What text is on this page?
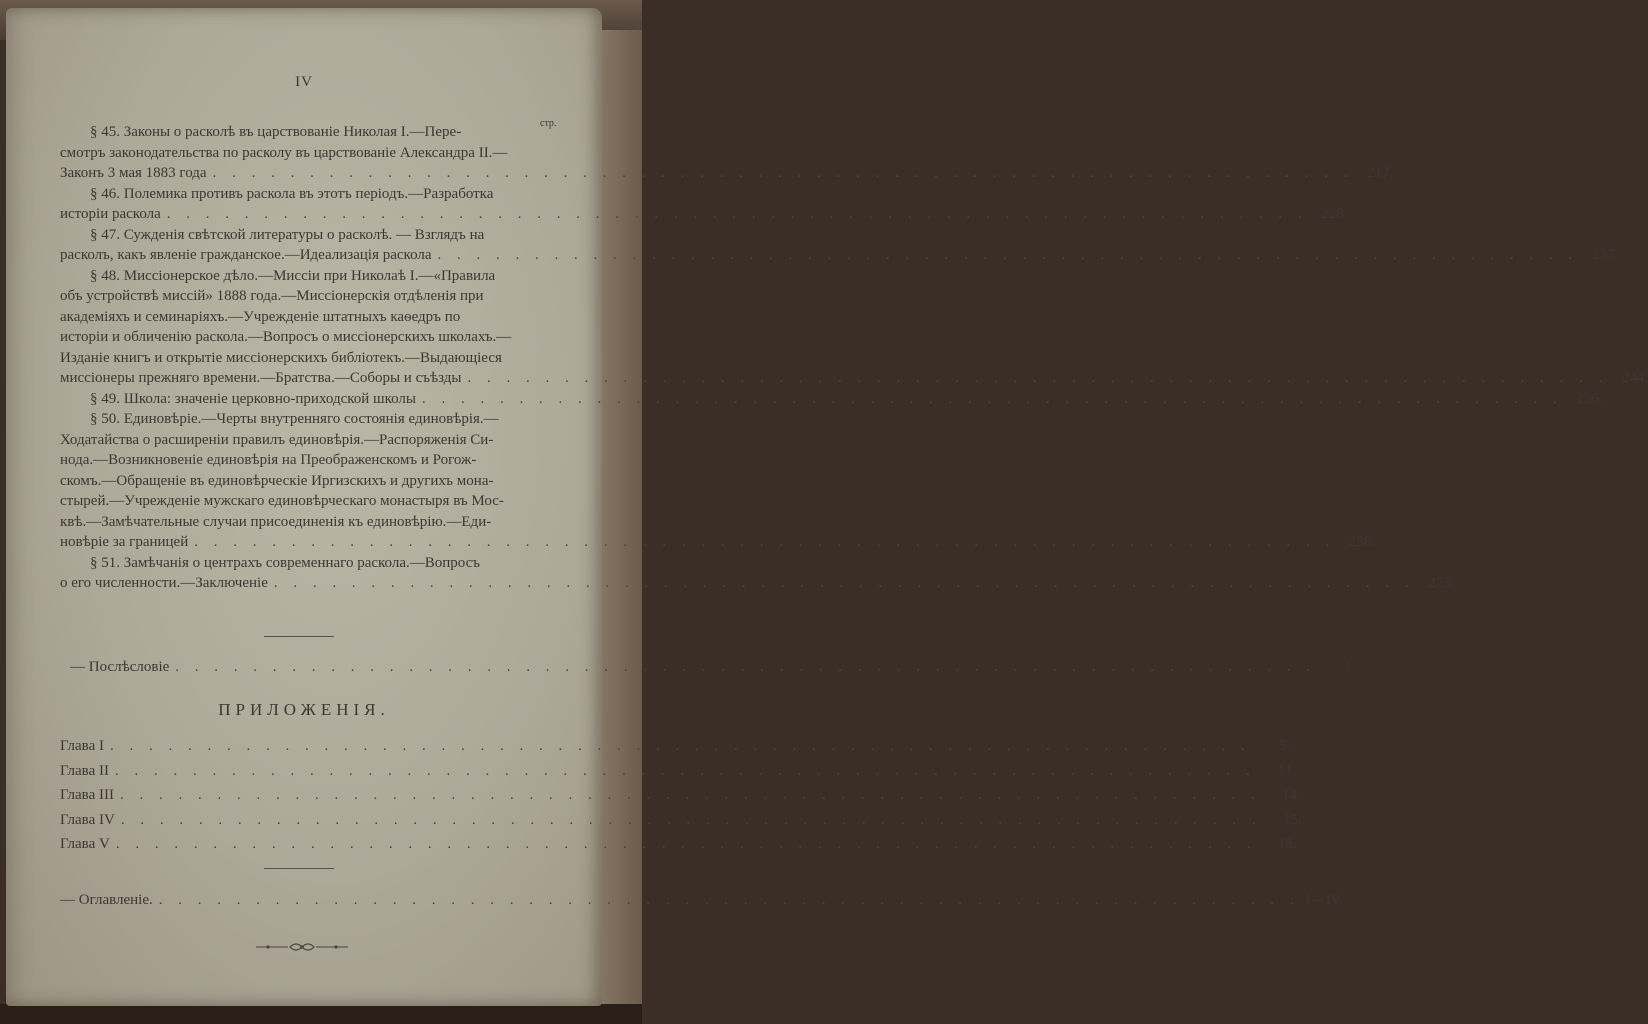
IV
стр.
§ 45. Законы о расколѣ въ царствованіе Николая I.—Пере-
смотръ законодательства по расколу въ царствованіе Александра II.—
Законъ 3 мая 1883 года . . . . . . . . . . . . . . . . . . . . . . . . . . . . . . . . . . . . . . . . . . . . . . . . . . . . . . . . . . . 217.
§ 46. Полемика противъ раскола въ этотъ періодъ.—Разработка
исторіи раскола . . . . . . . . . . . . . . . . . . . . . . . . . . . . . . . . . . . . . . . . . . . . . . . . . . . . . . . . . . . 228.
§ 47. Сужденія свѣтской литературы о расколѣ. — Взглядъ на
расколъ, какъ явленіе гражданское.—Идеализація раскола . . . . . . . . . . . . . . . . . . . . . . . . . . . . . . . . . . . . . . . . . . . . . . . . . . . . . . . . . . . 237.
§ 48. Миссіонерское дѣло.—Миссіи при Николаѣ I.—«Правила
объ устройствѣ миссій» 1888 года.—Миссіонерскія отдѣленія при
академіяхъ и семинаріяхъ.—Учрежденіе штатныхъ каѳедръ по
исторіи и обличенію раскола.—Вопросъ о миссіонерскихъ школахъ.—
Изданіе книгъ и открытіе миссіонерскихъ библіотекъ.—Выдающіеся
миссіонеры прежняго времени.—Братства.—Соборы и съѣзды . . . . . . . . . . . . . . . . . . . . . . . . . . . . . . . . . . . . . . . . . . . . . . . . . . . . . . . . . . . 244.
§ 49. Школа: значеніе церковно-приходской школы . . . . . . . . . . . . . . . . . . . . . . . . . . . . . . . . . . . . . . . . . . . . . . . . . . . . . . . . . . . 256.
§ 50. Единовѣріе.—Черты внутренняго состоянія единовѣрія.—
Ходатайства о расширеніи правилъ единовѣрія.—Распоряженія Си-
нода.—Возникновеніе единовѣрія на Преображенскомъ и Рогож-
скомъ.—Обращеніе въ единовѣрческіе Иргизскихъ и другихъ мона-
стырей.—Учрежденіе мужскаго единовѣрческаго монастыря въ Мос-
квѣ.—Замѣчательные случаи присоединенія къ единовѣрію.—Еди-
новѣріе за границей . . . . . . . . . . . . . . . . . . . . . . . . . . . . . . . . . . . . . . . . . . . . . . . . . . . . . . . . . . . 258.
§ 51. Замѣчанія о центрахъ современнаго раскола.—Вопросъ
о его численности.—Заключеніе . . . . . . . . . . . . . . . . . . . . . . . . . . . . . . . . . . . . . . . . . . . . . . . . . . . . . . . . . . . 273.
— Послѣсловіе . . . . . . . . . . . . . . . . . . . . . . . . . . . . . . . . . . . . . . . . . . . . . . . . . . . . . . . . . . .	1.
ПРИЛОЖЕНІЯ.
Глава I . . . . . . . . . . . . . . . . . . . . . . . . . . . . . . . . . . . . . . . . . . . . . . . . . . . . . . . . . . .	5.
Глава II . . . . . . . . . . . . . . . . . . . . . . . . . . . . . . . . . . . . . . . . . . . . . . . . . . . . . . . . . . .	11.
Глава III . . . . . . . . . . . . . . . . . . . . . . . . . . . . . . . . . . . . . . . . . . . . . . . . . . . . . . . . . . .	14.
Глава IV . . . . . . . . . . . . . . . . . . . . . . . . . . . . . . . . . . . . . . . . . . . . . . . . . . . . . . . . . . .	15.
Глава V . . . . . . . . . . . . . . . . . . . . . . . . . . . . . . . . . . . . . . . . . . . . . . . . . . . . . . . . . . .	18.
— Оглавленіе. . . . . . . . . . . . . . . . . . . . . . . . . . . . . . . . . . . . . . . . . . . . . . . . . . . . . . . . . . . . I—IV.
